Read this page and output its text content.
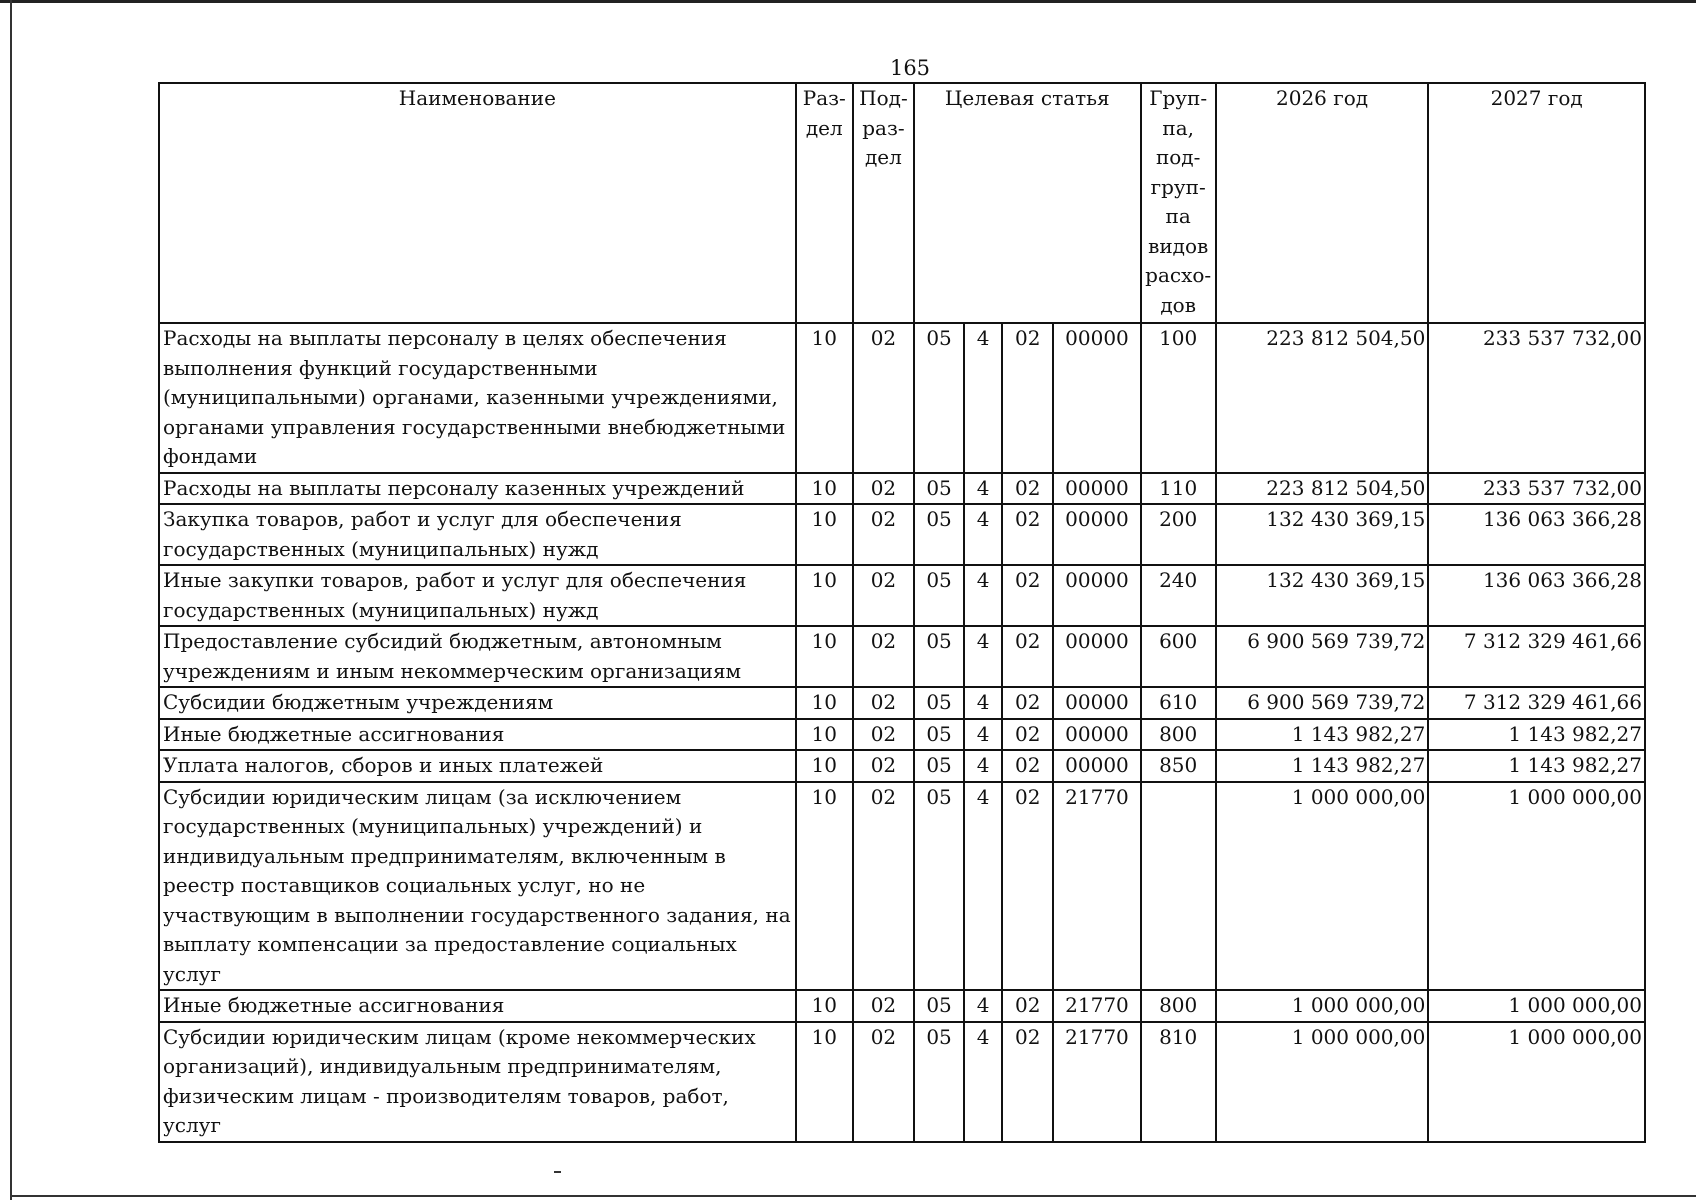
165
Наименование	Раз- дел	Под- раз- дел	Целевая статья				Груп- па, под- груп- па видов расхо- дов	2026 год	2027 год
Расходы на выплаты персоналу в целях обеспечения выполнения функций государственными (муниципальными) органами, казенными учреждениями, органами управления государственными внебюджетными фондами	10	02	05	4	02	00000	100	223 812 504,50	233 537 732,00
Расходы на выплаты персоналу казенных учреждений	10	02	05	4	02	00000	110	223 812 504,50	233 537 732,00
Закупка товаров, работ и услуг для обеспечения государственных (муниципальных) нужд	10	02	05	4	02	00000	200	132 430 369,15	136 063 366,28
Иные закупки товаров, работ и услуг для обеспечения государственных (муниципальных) нужд	10	02	05	4	02	00000	240	132 430 369,15	136 063 366,28
Предоставление субсидий бюджетным, автономным учреждениям и иным некоммерческим организациям	10	02	05	4	02	00000	600	6 900 569 739,72	7 312 329 461,66
Субсидии бюджетным учреждениям	10	02	05	4	02	00000	610	6 900 569 739,72	7 312 329 461,66
Иные бюджетные ассигнования	10	02	05	4	02	00000	800	1 143 982,27	1 143 982,27
Уплата налогов, сборов и иных платежей	10	02	05	4	02	00000	850	1 143 982,27	1 143 982,27
Субсидии юридическим лицам (за исключением государственных (муниципальных) учреждений) и индивидуальным предпринимателям, включенным в реестр поставщиков социальных услуг, но не участвующим в выполнении государственного задания, на выплату компенсации за предоставление социальных услуг	10	02	05	4	02	21770		1 000 000,00	1 000 000,00
Иные бюджетные ассигнования	10	02	05	4	02	21770	800	1 000 000,00	1 000 000,00
Субсидии юридическим лицам (кроме некоммерческих организаций), индивидуальным предпринимателям, физическим лицам - производителям товаров, работ, услуг	10	02	05	4	02	21770	810	1 000 000,00	1 000 000,00
